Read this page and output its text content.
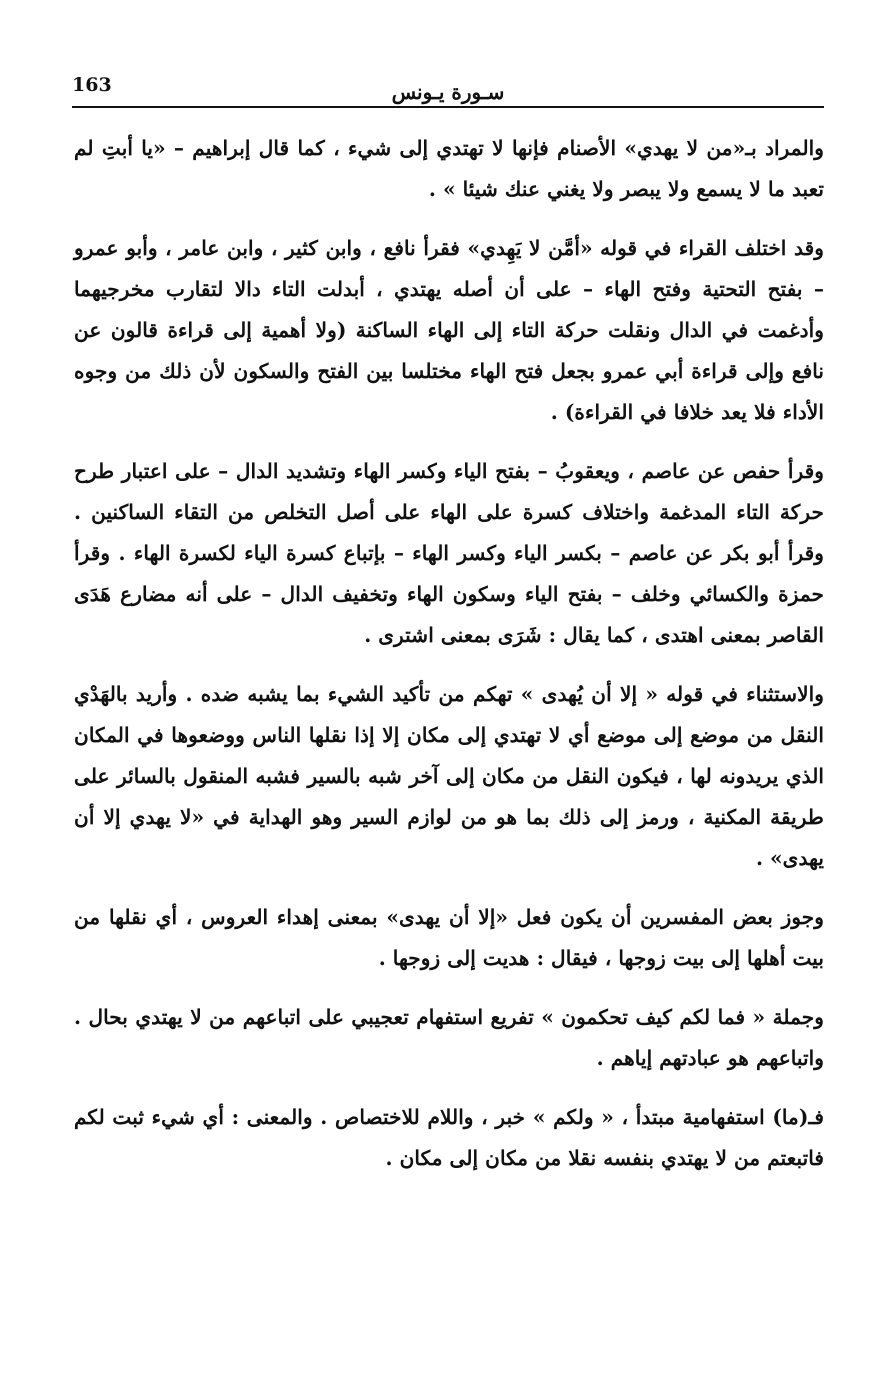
163	سـورة يـونس

والمراد بـ«من لا يهدي» الأصنام فإنها لا تهتدي إلى شيء ، كما قال إبراهيم – «يا أبتِ لم تعبد ما لا يسمع ولا يبصر ولا يغني عنك شيئا » .

وقد اختلف القراء في قوله «أمَّن لا يَهِدي» فقرأ نافع ، وابن كثير ، وابن عامر ، وأبو عمرو – بفتح التحتية وفتح الهاء – على أن أصله يهتدي ، أبدلت التاء دالا لتقارب مخرجيهما وأدغمت في الدال ونقلت حركة التاء إلى الهاء الساكنة (ولا أهمية إلى قراءة قالون عن نافع وإلى قراءة أبي عمرو بجعل فتح الهاء مختلسا بين الفتح والسكون لأن ذلك من وجوه الأداء فلا يعد خلافا في القراءة) .

وقرأ حفص عن عاصم ، ويعقوبُ – بفتح الياء وكسر الهاء وتشديد الدال – على اعتبار طرح حركة التاء المدغمة واختلاف كسرة على الهاء على أصل التخلص من التقاء الساكنين . وقرأ أبو بكر عن عاصم – بكسر الياء وكسر الهاء – بإتباع كسرة الياء لكسرة الهاء . وقرأ حمزة والكسائي وخلف – بفتح الياء وسكون الهاء وتخفيف الدال – على أنه مضارع هَدَى القاصر بمعنى اهتدى ، كما يقال : شَرَى بمعنى اشترى .

والاستثناء في قوله « إلا أن يُهدى » تهكم من تأكيد الشيء بما يشبه ضده . وأريد بالهَدْي النقل من موضع إلى موضع أي لا تهتدي إلى مكان إلا إذا نقلها الناس ووضعوها في المكان الذي يريدونه لها ، فيكون النقل من مكان إلى آخر شبه بالسير فشبه المنقول بالسائر على طريقة المكنية ، ورمز إلى ذلك بما هو من لوازم السير وهو الهداية في «لا يهدي إلا أن يهدى» .

وجوز بعض المفسرين أن يكون فعل «إلا أن يهدى» بمعنى إهداء العروس ، أي نقلها من بيت أهلها إلى بيت زوجها ، فيقال : هديت إلى زوجها .

وجملة « فما لكم كيف تحكمون » تفريع استفهام تعجيبي على اتباعهم من لا يهتدي بحال . واتباعهم هو عبادتهم إياهم .

فـ(ما) استفهامية مبتدأ ، « ولكم » خبر ، واللام للاختصاص . والمعنى : أي شيء ثبت لكم فاتبعتم من لا يهتدي بنفسه نقلا من مكان إلى مكان .
